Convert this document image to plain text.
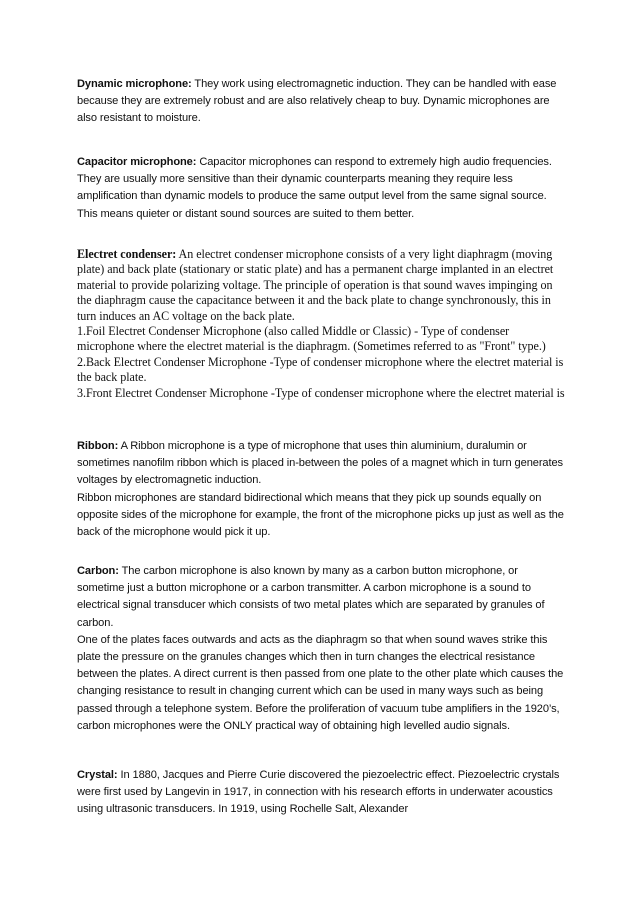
Dynamic microphone: They work using electromagnetic induction. They can be handled with ease because they are extremely robust and are also relatively cheap to buy. Dynamic microphones are also resistant to moisture.

Capacitor microphone: Capacitor microphones can respond to extremely high audio frequencies. They are usually more sensitive than their dynamic counterparts meaning they require less amplification than dynamic models to produce the same output level from the same signal source. This means quieter or distant sound sources are suited to them better.

Electret condenser: An electret condenser microphone consists of a very light diaphragm (moving plate) and back plate (stationary or static plate) and has a permanent charge implanted in an electret material to provide polarizing voltage. The principle of operation is that sound waves impinging on the diaphragm cause the capacitance between it and the back plate to change synchronously, this in turn induces an AC voltage on the back plate.

1.Foil Electret Condenser Microphone (also called Middle or Classic) - Type of condenser microphone where the electret material is the diaphragm. (Sometimes referred to as "Front" type.)

2.Back Electret Condenser Microphone -Type of condenser microphone where the electret material is the back plate.

3.Front Electret Condenser Microphone -Type of condenser microphone where the electret material is

Ribbon: A Ribbon microphone is a type of microphone that uses thin aluminium, duralumin or sometimes nanofilm ribbon which is placed in-between the poles of a magnet which in turn generates voltages by electromagnetic induction.

Ribbon microphones are standard bidirectional which means that they pick up sounds equally on opposite sides of the microphone for example, the front of the microphone picks up just as well as the back of the microphone would pick it up.

Carbon: The carbon microphone is also known by many as a carbon button microphone, or sometime just a button microphone or a carbon transmitter. A carbon microphone is a sound to electrical signal transducer which consists of two metal plates which are separated by granules of carbon.

One of the plates faces outwards and acts as the diaphragm so that when sound waves strike this plate the pressure on the granules changes which then in turn changes the electrical resistance between the plates. A direct current is then passed from one plate to the other plate which causes the changing resistance to result in changing current which can be used in many ways such as being passed through a telephone system. Before the proliferation of vacuum tube amplifiers in the 1920’s, carbon microphones were the ONLY practical way of obtaining high levelled audio signals.

Crystal: In 1880, Jacques and Pierre Curie discovered the piezoelectric effect. Piezoelectric crystals were first used by Langevin in 1917, in connection with his research efforts in underwater acoustics using ultrasonic transducers. In 1919, using Rochelle Salt, Alexander
